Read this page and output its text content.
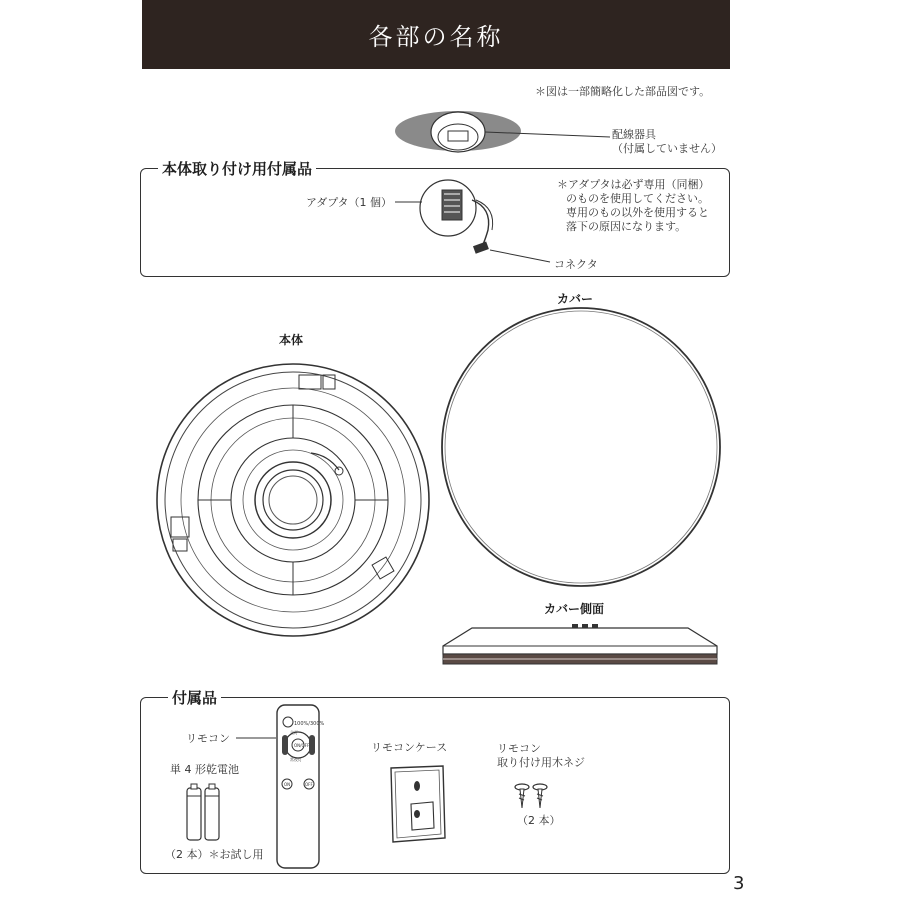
各部の名称
＊図は一部簡略化した部品図です。
配線器具
（付属していません）
本体取り付け用付属品
アダプタ（1 個）
コネクタ
＊アダプタは必ず専用（同梱）
のものを使用してください。
専用のもの以外を使用すると
落下の原因になります。
本体
カバー
カバー側面
付属品
リモコン
100%/300%
ON/OFF
全灯
常夜灯
ON	OFF
単 4 形乾電池
（2 本）＊お試し用
リモコンケース	リモコン
取り付け用木ネジ
（2 本）
3
